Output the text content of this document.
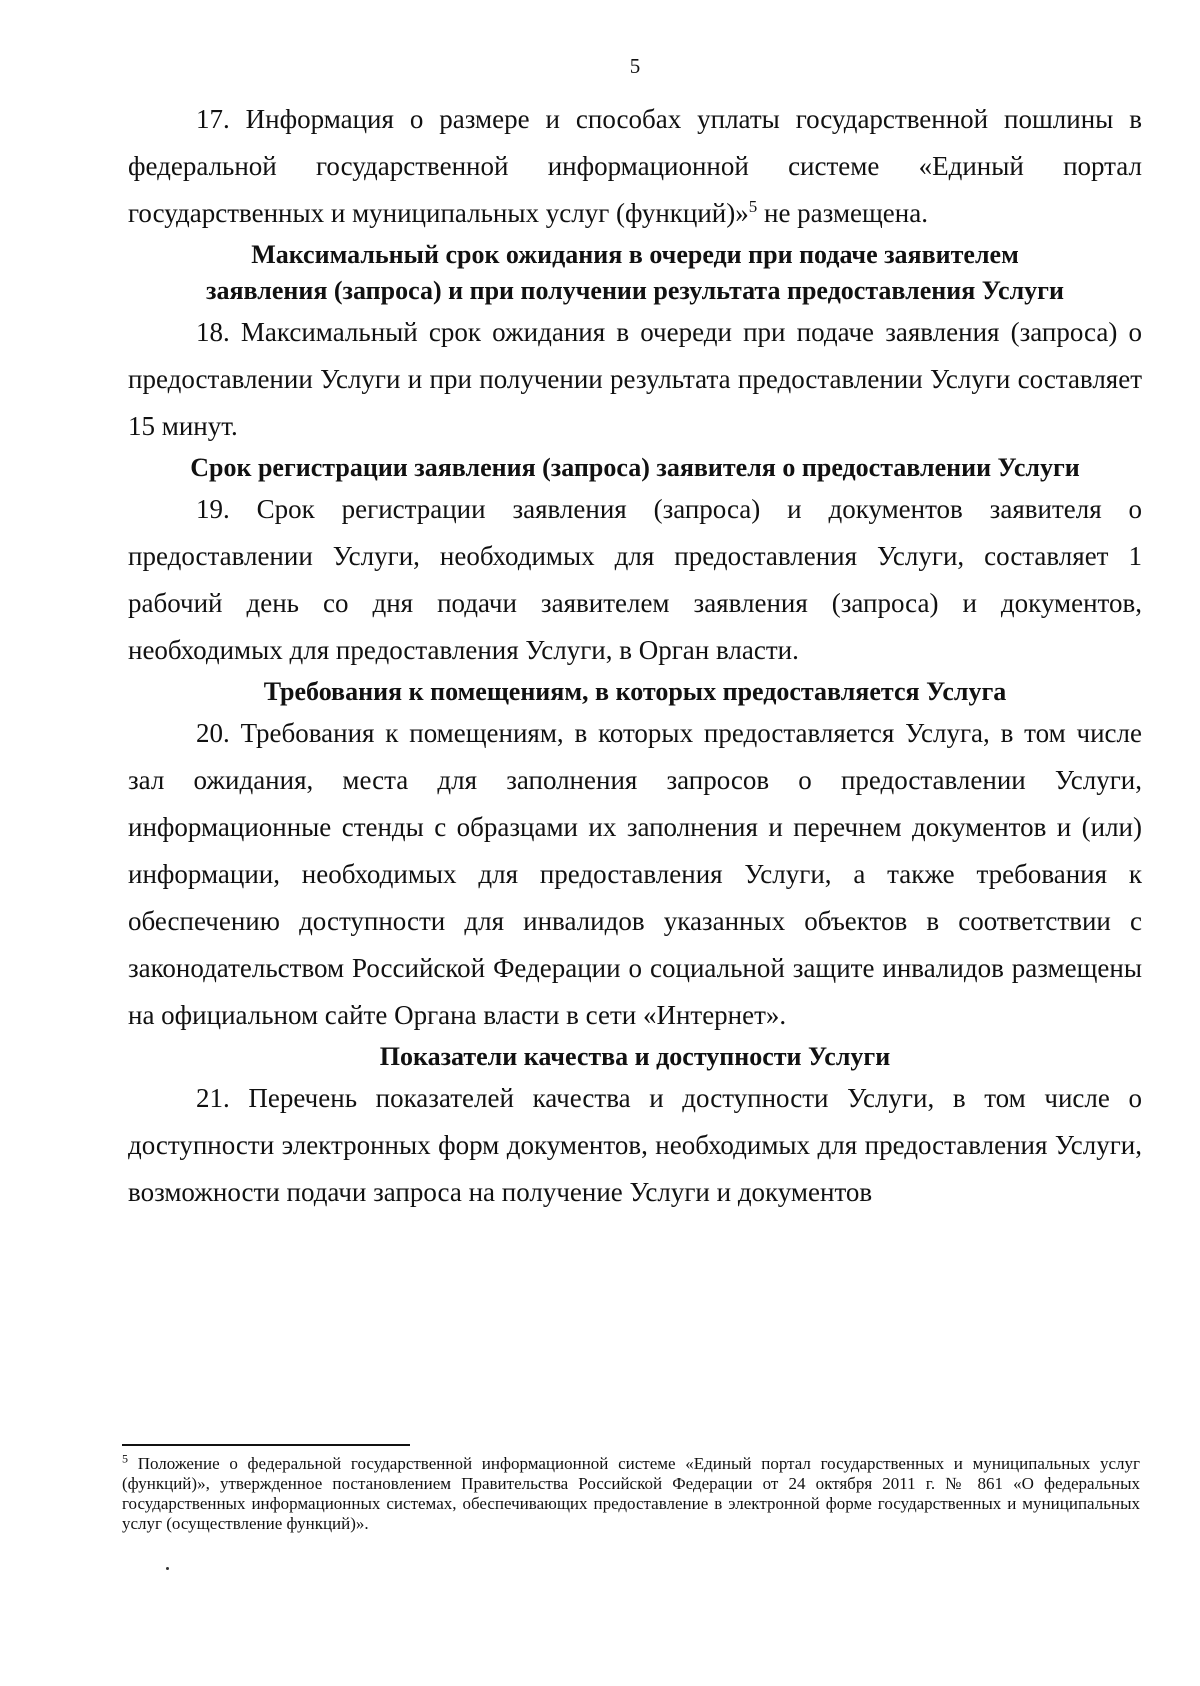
5

17. Информация о размере и способах уплаты государственной пошлины в федеральной государственной информационной системе «Единый портал государственных и муниципальных услуг (функций)»$^5$ не размещена.

Максимальный срок ожидания в очереди при подаче заявителем
заявления (запроса) и при получении результата предоставления Услуги

18. Максимальный срок ожидания в очереди при подаче заявления (запроса) о предоставлении Услуги и при получении результата предоставлении Услуги составляет 15 минут.

Срок регистрации заявления (запроса) заявителя о предоставлении Услуги

19. Срок регистрации заявления (запроса) и документов заявителя о предоставлении Услуги, необходимых для предоставления Услуги, составляет 1 рабочий день со дня подачи заявителем заявления (запроса) и документов, необходимых для предоставления Услуги, в Орган власти.

Требования к помещениям, в которых предоставляется Услуга

20. Требования к помещениям, в которых предоставляется Услуга, в том числе зал ожидания, места для заполнения запросов о предоставлении Услуги, информационные стенды с образцами их заполнения и перечнем документов и (или) информации, необходимых для предоставления Услуги, а также требования к обеспечению доступности для инвалидов указанных объектов в соответствии с законодательством Российской Федерации о социальной защите инвалидов размещены на официальном сайте Органа власти в сети «Интернет».

Показатели качества и доступности Услуги

21. Перечень показателей качества и доступности Услуги, в том числе о доступности электронных форм документов, необходимых для предоставления Услуги, возможности подачи запроса на получение Услуги и документов

$^5$ Положение о федеральной государственной информационной системе «Единый портал государственных и муниципальных услуг (функций)», утвержденное постановлением Правительства Российской Федерации от 24 октября 2011 г. № 861 «О федеральных государственных информационных системах, обеспечивающих предоставление в электронной форме государственных и муниципальных услуг (осуществление функций)».
